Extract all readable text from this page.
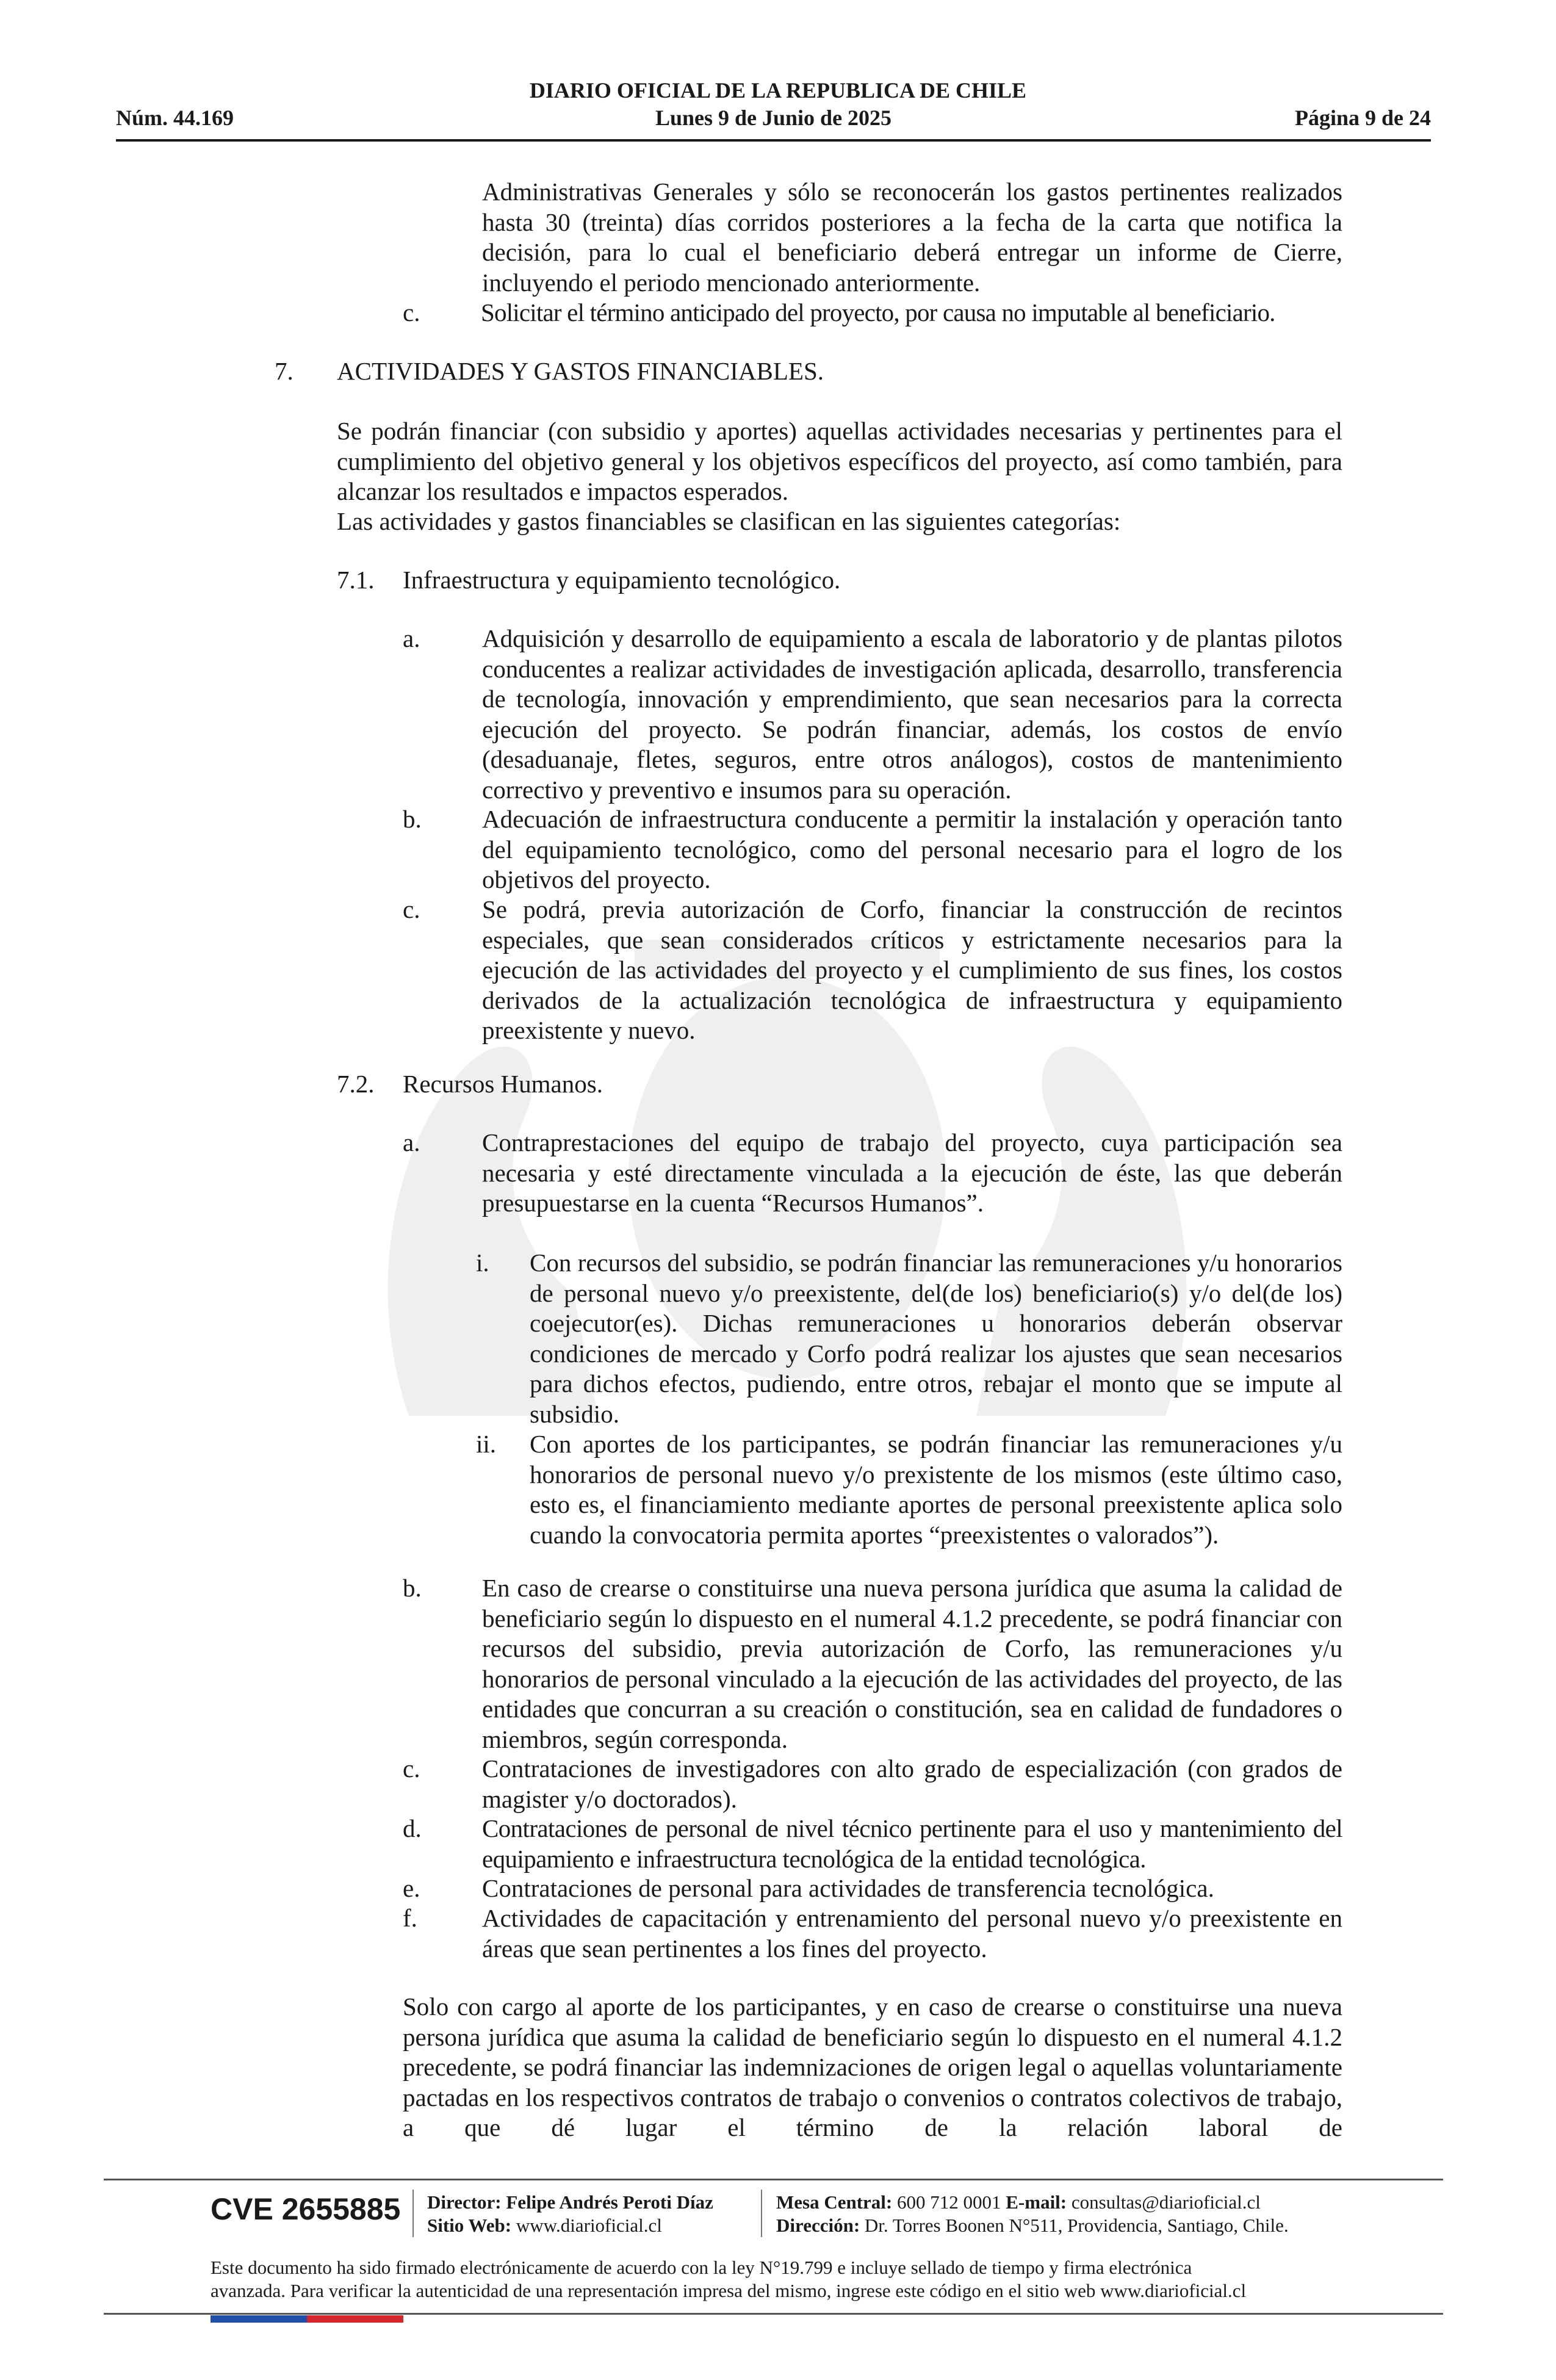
DIARIO OFICIAL DE LA REPUBLICA DE CHILE
Núm. 44.169	Lunes 9 de Junio de 2025	Página 9 de 24

Administrativas Generales y sólo se reconocerán los gastos pertinentes realizados hasta 30 (treinta) días corridos posteriores a la fecha de la carta que notifica la decisión, para lo cual el beneficiario deberá entregar un informe de Cierre, incluyendo el periodo mencionado anteriormente.

c. Solicitar el término anticipado del proyecto, por causa no imputable al beneficiario.

7. ACTIVIDADES Y GASTOS FINANCIABLES.

Se podrán financiar (con subsidio y aportes) aquellas actividades necesarias y pertinentes para el cumplimiento del objetivo general y los objetivos específicos del proyecto, así como también, para alcanzar los resultados e impactos esperados.

Las actividades y gastos financiables se clasifican en las siguientes categorías:

7.1. Infraestructura y equipamiento tecnológico.
a. Adquisición y desarrollo de equipamiento a escala de laboratorio y de plantas pilotos conducentes a realizar actividades de investigación aplicada, desarrollo, transferencia de tecnología, innovación y emprendimiento, que sean necesarios para la correcta ejecución del proyecto. Se podrán financiar, además, los costos de envío (desaduanaje, fletes, seguros, entre otros análogos), costos de mantenimiento correctivo y preventivo e insumos para su operación.

b. Adecuación de infraestructura conducente a permitir la instalación y operación tanto del equipamiento tecnológico, como del personal necesario para el logro de los objetivos del proyecto.

c. Se podrá, previa autorización de Corfo, financiar la construcción de recintos especiales, que sean considerados críticos y estrictamente necesarios para la ejecución de las actividades del proyecto y el cumplimiento de sus fines, los costos derivados de la actualización tecnológica de infraestructura y equipamiento preexistente y nuevo.

7.2. Recursos Humanos.
a. Contraprestaciones del equipo de trabajo del proyecto, cuya participación sea necesaria y esté directamente vinculada a la ejecución de éste, las que deberán presupuestarse en la cuenta “Recursos Humanos”.

i. Con recursos del subsidio, se podrán financiar las remuneraciones y/u honorarios de personal nuevo y/o preexistente, del(de los) beneficiario(s) y/o del(de los) coejecutor(es). Dichas remuneraciones u honorarios deberán observar condiciones de mercado y Corfo podrá realizar los ajustes que sean necesarios para dichos efectos, pudiendo, entre otros, rebajar el monto que se impute al subsidio.

ii. Con aportes de los participantes, se podrán financiar las remuneraciones y/u honorarios de personal nuevo y/o prexistente de los mismos (este último caso, esto es, el financiamiento mediante aportes de personal preexistente aplica solo cuando la convocatoria permita aportes “preexistentes o valorados”).

b. En caso de crearse o constituirse una nueva persona jurídica que asuma la calidad de beneficiario según lo dispuesto en el numeral 4.1.2 precedente, se podrá financiar con recursos del subsidio, previa autorización de Corfo, las remuneraciones y/u honorarios de personal vinculado a la ejecución de las actividades del proyecto, de las entidades que concurran a su creación o constitución, sea en calidad de fundadores o miembros, según corresponda.

c. Contrataciones de investigadores con alto grado de especialización (con grados de magister y/o doctorados).

d. Contrataciones de personal de nivel técnico pertinente para el uso y mantenimiento del equipamiento e infraestructura tecnológica de la entidad tecnológica.

e. Contrataciones de personal para actividades de transferencia tecnológica.

f.	Actividades de capacitación y entrenamiento del personal nuevo y/o preexistente en áreas que sean pertinentes a los fines del proyecto.

Solo con cargo al aporte de los participantes, y en caso de crearse o constituirse una nueva persona jurídica que asuma la calidad de beneficiario según lo dispuesto en el numeral 4.1.2 precedente, se podrá financiar las indemnizaciones de origen legal o aquellas voluntariamente pactadas en los respectivos contratos de trabajo o convenios o contratos colectivos de trabajo, a que dé lugar el término de la relación laboral de

CVE 2655885 Director: Felipe Andrés Peroti Díaz
Sitio Web: www.diarioficial.cl
Mesa Central: 600 712 0001 E-mail: consultas@diarioficial.cl
Dirección: Dr. Torres Boonen N°511, Providencia, Santiago, Chile.
Este documento ha sido firmado electrónicamente de acuerdo con la ley N°19.799 e incluye sellado de tiempo y firma electrónica
avanzada. Para verificar la autenticidad de una representación impresa del mismo, ingrese este código en el sitio web www.diarioficial.cl
